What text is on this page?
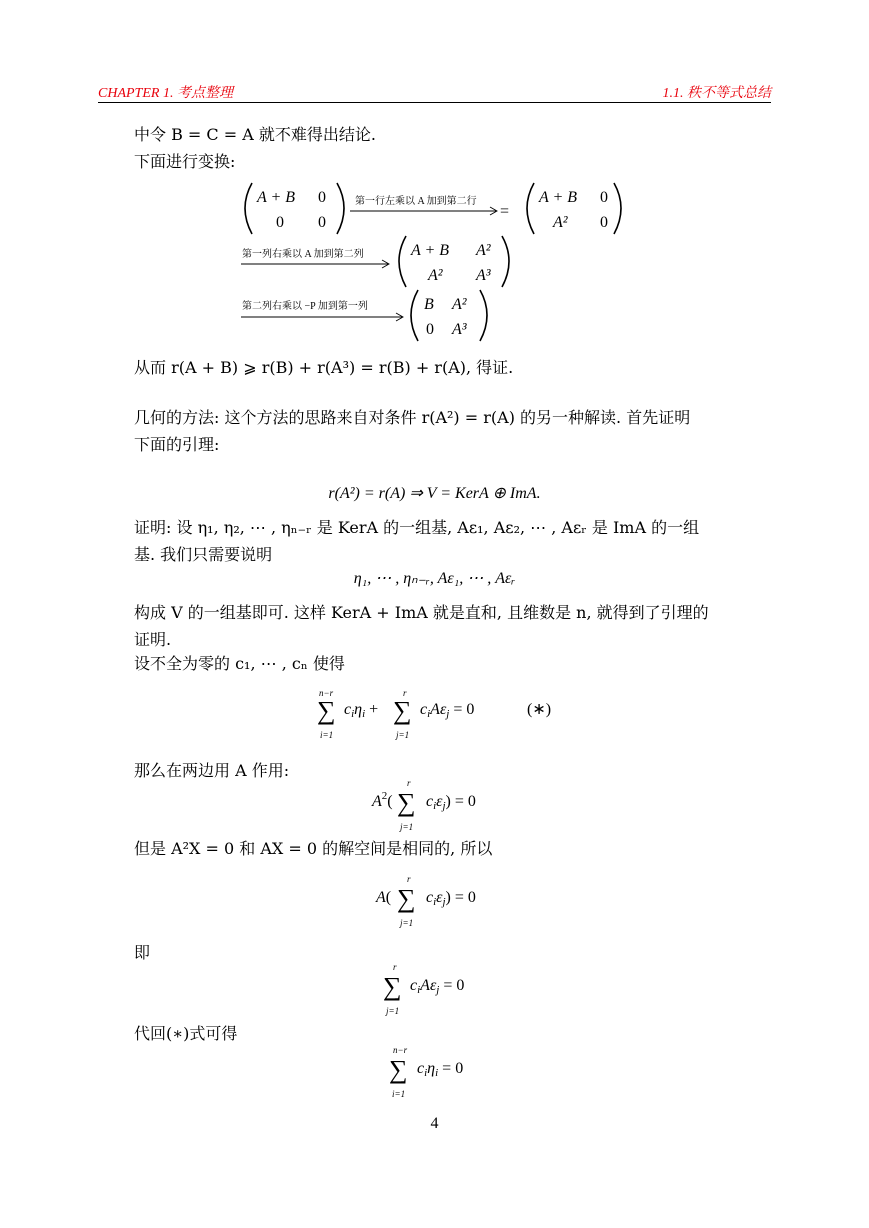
CHAPTER 1. 考点整理	1.1. 秩不等式总结
中令 B = C = A 就不难得出结论.
下面进行变换:
A + B 0
0 0
第一行左乘以 A 加到第二行
=
A + B 0
A² 0
第一列右乘以 A 加到第二列	A + B A²
A² A³
第二列右乘以 −P 加到第一列	B A²
0 A³
从而 r(A + B) ⩾ r(B) + r(A³) = r(B) + r(A), 得证.
几何的方法: 这个方法的思路来自对条件 r(A²) = r(A) 的另一种解读. 首先证明
下面的引理:
r(A²) = r(A) ⇒ V = KerA ⊕ ImA.
证明: 设 η₁, η₂, ⋯ , ηₙ₋ᵣ 是 KerA 的一组基, Aε₁, Aε₂, ⋯ , Aεᵣ 是 ImA 的一组
基. 我们只需要说明
η₁, ⋯ , ηₙ₋ᵣ, Aε₁, ⋯ , Aεᵣ
构成 V 的一组基即可. 这样 KerA + ImA 就是直和, 且维数是 n, 就得到了引理的
证明.
设不全为零的 c₁, ⋯ , cₙ 使得
n−r
∑
i=1
ciηi +
r
∑
j=1
ciAεj = 0	(∗)
那么在两边用 A 作用:
$A^2$(
r
∑
j=1
ciεj) = 0
但是 A²X = 0 和 AX = 0 的解空间是相同的, 所以
A(
r
∑
j=1
ciεj) = 0
即
r
∑
j=1
ciAεj = 0
代回(∗)式可得
n−r
∑
i=1
ciηi = 0
4
